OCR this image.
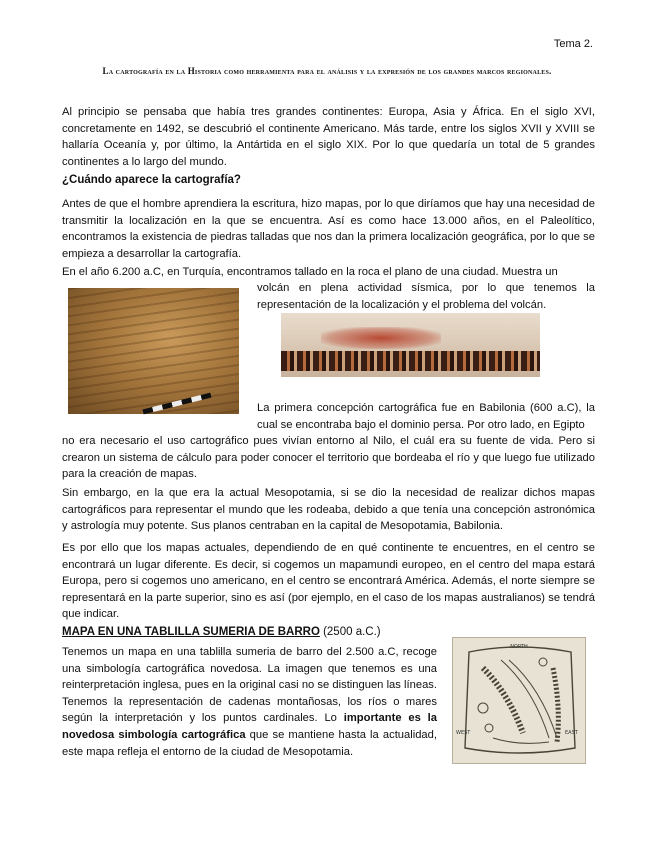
Tema 2.
La cartografía en la Historia como herramienta para el análisis y la expresión de los grandes marcos regionales.
Al principio se pensaba que había tres grandes continentes: Europa, Asia y África. En el siglo XVI, concretamente en 1492, se descubrió el continente Americano. Más tarde, entre los siglos XVII y XVIII se hallaría Oceanía y, por último, la Antártida en el siglo XIX. Por lo que quedaría un total de 5 grandes continentes a lo largo del mundo.
¿Cuándo aparece la cartografía?
Antes de que el hombre aprendiera la escritura, hizo mapas, por lo que diríamos que hay una necesidad de transmitir la localización en la que se encuentra. Así es como hace 13.000 años, en el Paleolítico, encontramos la existencia de piedras talladas que nos dan la primera localización geográfica, por lo que se empieza a desarrollar la cartografía.
En el año 6.200 a.C, en Turquía, encontramos tallado en la roca el plano de una ciudad. Muestra un
volcán en plena actividad sísmica, por lo que tenemos la representación de la localización y el problema del volcán.
La primera concepción cartográfica fue en Babilonia (600 a.C), la cual se encontraba bajo el dominio persa. Por otro lado, en Egipto
no era necesario el uso cartográfico pues vivían entorno al Nilo, el cuál era su fuente de vida. Pero si crearon un sistema de cálculo para poder conocer el territorio que bordeaba el río y que luego fue utilizado para la creación de mapas.
Sin embargo, en la que era la actual Mesopotamia, si se dio la necesidad de realizar dichos mapas cartográficos para representar el mundo que les rodeaba, debido a que tenía una concepción astronómica y astrología muy potente. Sus planos centraban en la capital de Mesopotamia, Babilonia.
Es por ello que los mapas actuales, dependiendo de en qué continente te encuentres, en el centro se encontrará un lugar diferente. Es decir, si cogemos un mapamundi europeo, en el centro del mapa estará Europa, pero si cogemos uno americano, en el centro se encontrará América. Además, el norte siempre se representará en la parte superior, sino es así (por ejemplo, en el caso de los mapas australianos) se tendrá que indicar.
MAPA EN UNA TABLILLA SUMERIA DE BARRO (2500 a.C.)
Tenemos un mapa en una tablilla sumeria de barro del 2.500 a.C, recoge una simbología cartográfica novedosa. La imagen que tenemos es una reinterpretación inglesa, pues en la original casi no se distinguen las líneas. Tenemos la representación de cadenas montañosas, los ríos o mares según la interpretación y los puntos cardinales. Lo importante es la novedosa simbología cartográfica que se mantiene hasta la actualidad, este mapa refleja el entorno de la ciudad de Mesopotamia.
NORTH
WEST	EAST
